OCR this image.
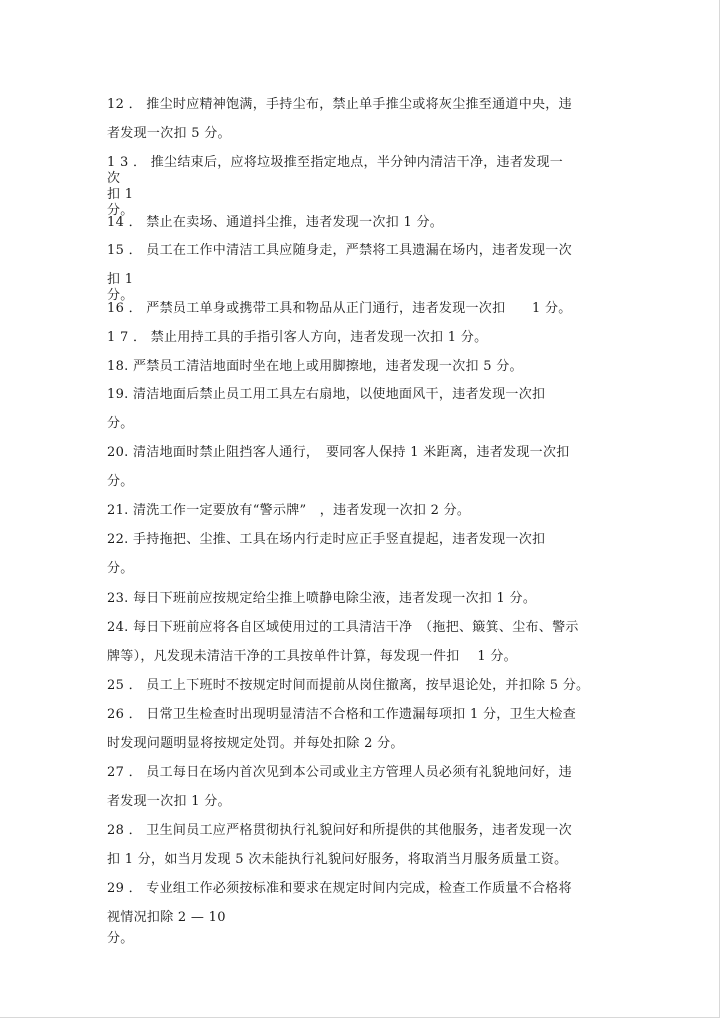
12 ． 推尘时应精神饱满，手持尘布，禁止单手推尘或将灰尘推至通道中央，违
者发现一次扣 5 分。
1 3 ． 推尘结束后，应将垃圾推至指定地点，半分钟内清洁干净，违者发现一
次
扣 1
分。
14 ． 禁止在卖场、通道抖尘推，违者发现一次扣 1 分。
15 ． 员工在工作中清洁工具应随身走，严禁将工具遗漏在场内，违者发现一次
扣 1
分。
16 ． 严禁员工单身或携带工具和物品从正门通行，违者发现一次扣　　1 分。
1 7 ． 禁止用持工具的手指引客人方向，违者发现一次扣 1 分。
18. 严禁员工清洁地面时坐在地上或用脚擦地，违者发现一次扣 5 分。
19. 清洁地面后禁止员工用工具左右扇地，以使地面风干，违者发现一次扣
分。
20. 清洁地面时禁止阻挡客人通行，　要同客人保持 1 米距离，违者发现一次扣
分。
21. 清洗工作一定要放有“警示牌”　，违者发现一次扣 2 分。
22. 手持拖把、尘推、工具在场内行走时应正手竖直提起，违者发现一次扣
分。
23. 每日下班前应按规定给尘推上喷静电除尘液，违者发现一次扣 1 分。
24. 每日下班前应将各自区域使用过的工具清洁干净　（拖把、簸箕、尘布、警示
牌等），凡发现未清洁干净的工具按单件计算，每发现一件扣　 1 分。
25 ． 员工上下班时不按规定时间而提前从岗住撤离，按早退论处，并扣除 5 分。
26 ． 日常卫生检查时出现明显清洁不合格和工作遗漏每项扣 1 分，卫生大检查
时发现问题明显将按规定处罚。并每处扣除 2 分。
27 ． 员工每日在场内首次见到本公司或业主方管理人员必须有礼貌地问好，违
者发现一次扣 1 分。
28 ． 卫生间员工应严格贯彻执行礼貌问好和所提供的其他服务，违者发现一次
扣 1 分，如当月发现 5 次未能执行礼貌问好服务，将取消当月服务质量工资。
29 ． 专业组工作必须按标准和要求在规定时间内完成，检查工作质量不合格将
视情况扣除 2 — 10
分。
